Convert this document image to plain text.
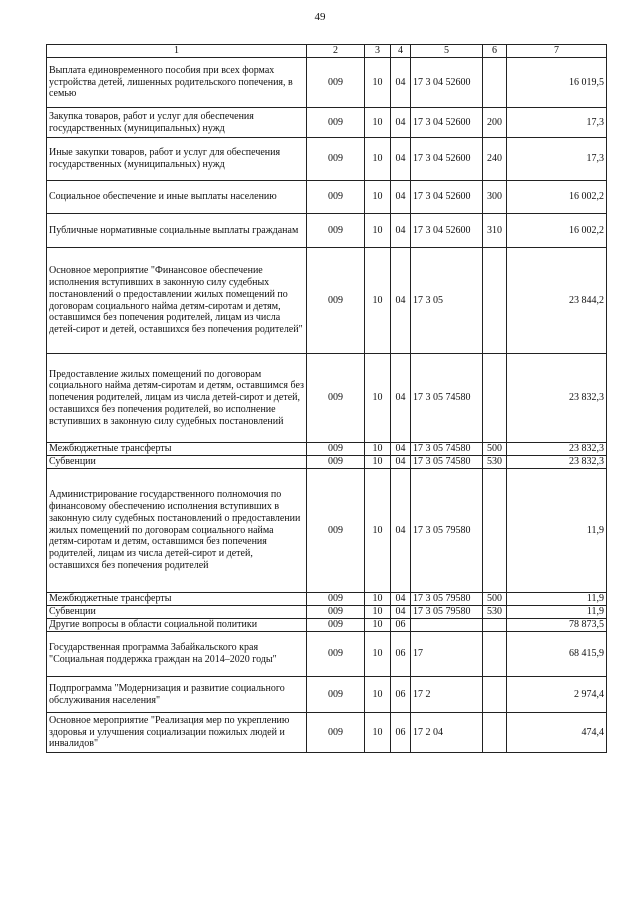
49
1	2	3	4	5	6	7
Выплата единовременного пособия при всех формах устройства детей, лишенных родительского попечения, в семью	009	10	04	17 3 04 52600		16 019,5
Закупка товаров, работ и услуг для обеспечения государственных (муниципальных) нужд	009	10	04	17 3 04 52600	200	17,3
Иные закупки товаров, работ и услуг для обеспечения государственных (муниципальных) нужд	009	10	04	17 3 04 52600	240	17,3
Социальное обеспечение и иные выплаты населению	009	10	04	17 3 04 52600	300	16 002,2
Публичные нормативные социальные выплаты гражданам	009	10	04	17 3 04 52600	310	16 002,2
Основное мероприятие "Финансовое обеспечение исполнения вступивших в законную силу судебных постановлений о предоставлении жилых помещений по договорам социального найма детям-сиротам и детям, оставшимся без попечения родителей, лицам из числа детей-сирот и детей, оставшихся без попечения родителей"	009	10	04	17 3 05		23 844,2
Предоставление жилых помещений по договорам социального найма детям-сиротам и детям, оставшимся без попечения родителей, лицам из числа детей-сирот и детей, оставшихся без попечения родителей, во исполнение вступивших в законную силу судебных постановлений	009	10	04	17 3 05 74580		23 832,3
Межбюджетные трансферты	009	10	04	17 3 05 74580	500	23 832,3
Субвенции	009	10	04	17 3 05 74580	530	23 832,3
Администрирование государственного полномочия по финансовому обеспечению исполнения вступивших в законную силу судебных постановлений о предоставлении жилых помещений по договорам социального найма детям-сиротам и детям, оставшимся без попечения родителей, лицам из числа детей-сирот и детей, оставшихся без попечения родителей	009	10	04	17 3 05 79580		11,9
Межбюджетные трансферты	009	10	04	17 3 05 79580	500	11,9
Субвенции	009	10	04	17 3 05 79580	530	11,9
Другие вопросы в области социальной политики	009	10	06			78 873,5
Государственная программа Забайкальского края "Социальная поддержка граждан на 2014–2020 годы"	009	10	06	17		68 415,9
Подпрограмма "Модернизация и развитие социального обслуживания населения"	009	10	06	17 2		2 974,4
Основное мероприятие "Реализация мер по укреплению здоровья и улучшения социализации пожилых людей и инвалидов"	009	10	06	17 2 04		474,4
